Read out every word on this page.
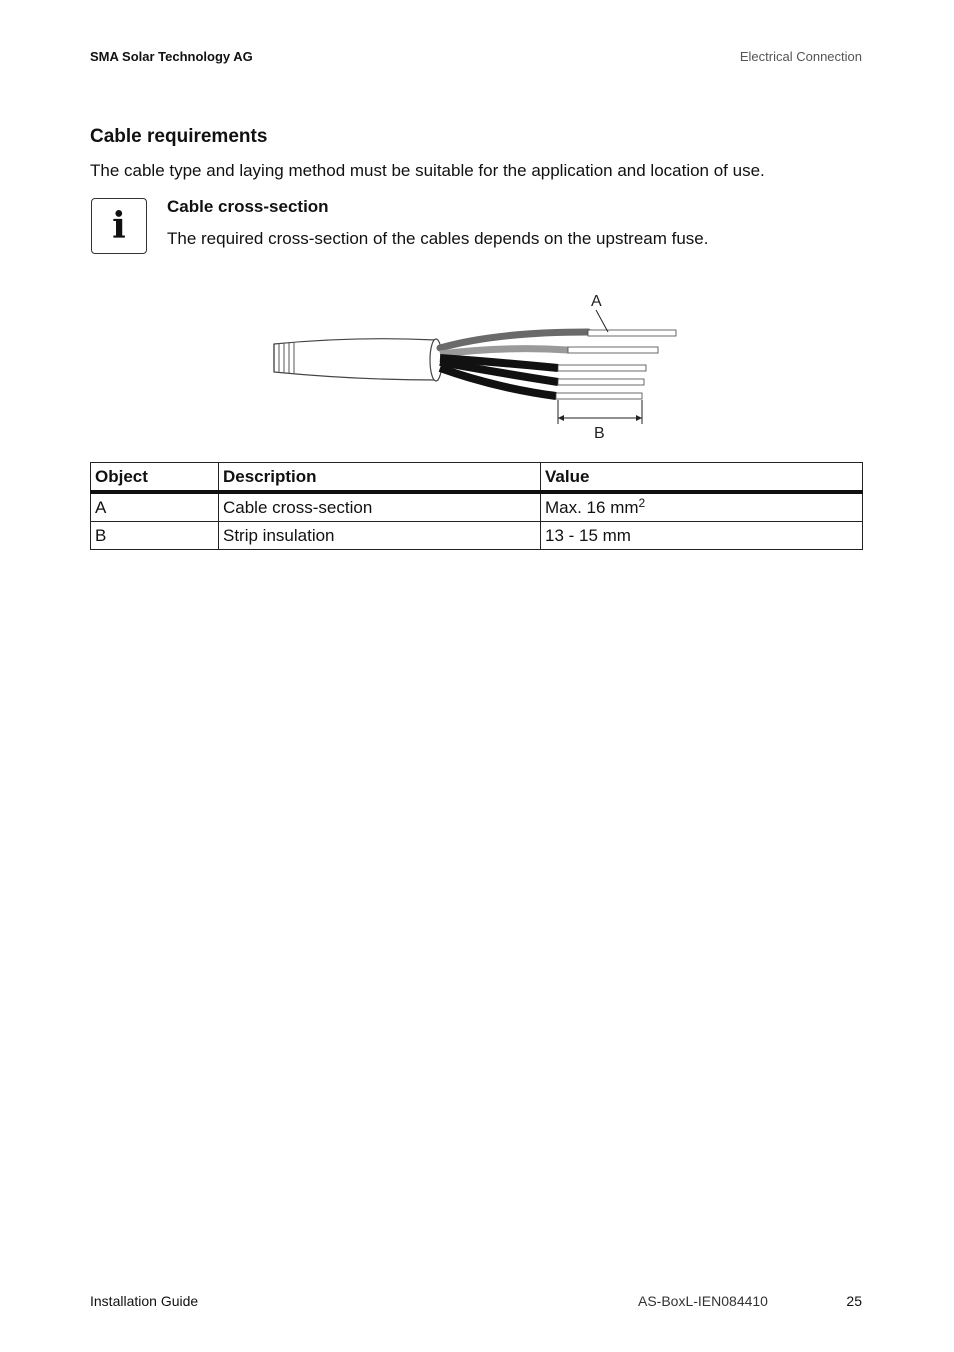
SMA Solar Technology AG	Electrical Connection
Cable requirements
The cable type and laying method must be suitable for the application and location of use.
i	Cable cross-section
The required cross-section of the cables depends on the upstream fuse.
A
B
Object	Description	Value
A	Cable cross-section	Max. 16 $mm^2$
B	Strip insulation	13 - 15 mm
Installation Guide	AS-BoxL-IEN084410	25
